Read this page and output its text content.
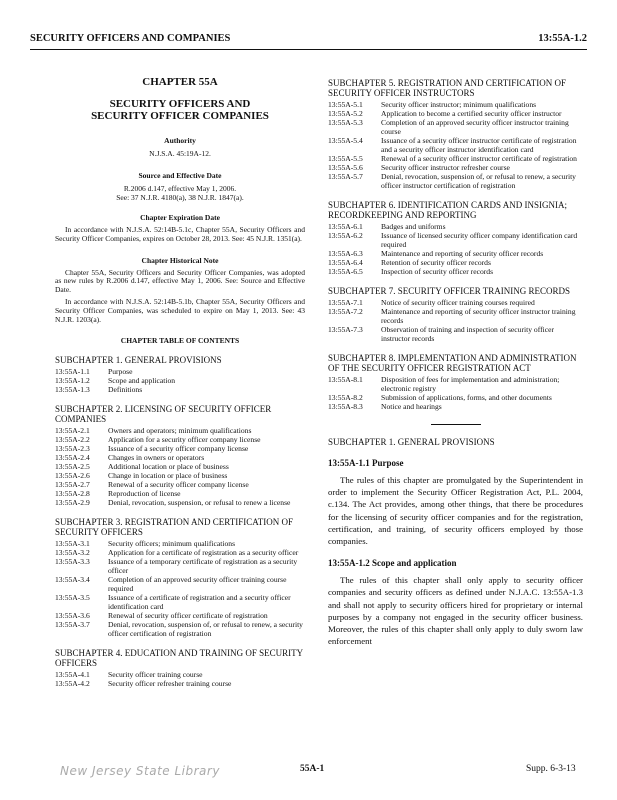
SECURITY OFFICERS AND COMPANIES	13:55A-1.2
CHAPTER 55A
SECURITY OFFICERS AND
SECURITY OFFICER COMPANIES
Authority
N.J.S.A. 45:19A-12.
Source and Effective Date
R.2006 d.147, effective May 1, 2006.
See: 37 N.J.R. 4180(a), 38 N.J.R. 1847(a).
Chapter Expiration Date
In accordance with N.J.S.A. 52:14B-5.1c, Chapter 55A, Security Officers and Security Officer Companies, expires on October 28, 2013. See: 45 N.J.R. 1351(a).
Chapter Historical Note
Chapter 55A, Security Officers and Security Officer Companies, was adopted as new rules by R.2006 d.147, effective May 1, 2006. See: Source and Effective Date.
In accordance with N.J.S.A. 52:14B-5.1b, Chapter 55A, Security Officers and Security Officer Companies, was scheduled to expire on May 1, 2013. See: 43 N.J.R. 1203(a).
CHAPTER TABLE OF CONTENTS
SUBCHAPTER 1. GENERAL PROVISIONS
13:55A-1.1	Purpose
13:55A-1.2	Scope and application
13:55A-1.3	Definitions
SUBCHAPTER 2. LICENSING OF SECURITY OFFICER COMPANIES
13:55A-2.1	Owners and operators; minimum qualifications
13:55A-2.2	Application for a security officer company license
13:55A-2.3	Issuance of a security officer company license
13:55A-2.4	Changes in owners or operators
13:55A-2.5	Additional location or place of business
13:55A-2.6	Change in location or place of business
13:55A-2.7	Renewal of a security officer company license
13:55A-2.8	Reproduction of license
13:55A-2.9	Denial, revocation, suspension, or refusal to renew a license
SUBCHAPTER 3. REGISTRATION AND CERTIFICATION OF SECURITY OFFICERS
13:55A-3.1	Security officers; minimum qualifications
13:55A-3.2	Application for a certificate of registration as a security officer
13:55A-3.3	Issuance of a temporary certificate of registration as a security officer
13:55A-3.4	Completion of an approved security officer training course required
13:55A-3.5	Issuance of a certificate of registration and a security officer identification card
13:55A-3.6	Renewal of security officer certificate of registration
13:55A-3.7	Denial, revocation, suspension of, or refusal to renew, a security officer certification of registration
SUBCHAPTER 4. EDUCATION AND TRAINING OF SECURITY OFFICERS
13:55A-4.1	Security officer training course
13:55A-4.2	Security officer refresher training course
SUBCHAPTER 5. REGISTRATION AND CERTIFICATION OF SECURITY OFFICER INSTRUCTORS
13:55A-5.1	Security officer instructor; minimum qualifications
13:55A-5.2	Application to become a certified security officer instructor
13:55A-5.3	Completion of an approved security officer instructor training course
13:55A-5.4	Issuance of a security officer instructor certificate of registration and a security officer instructor identification card
13:55A-5.5	Renewal of a security officer instructor certificate of registration
13:55A-5.6	Security officer instructor refresher course
13:55A-5.7	Denial, revocation, suspension of, or refusal to renew, a security officer instructor certification of registration
SUBCHAPTER 6. IDENTIFICATION CARDS AND INSIGNIA; RECORDKEEPING AND REPORTING
13:55A-6.1	Badges and uniforms
13:55A-6.2	Issuance of licensed security officer company identification card required
13:55A-6.3	Maintenance and reporting of security officer records
13:55A-6.4	Retention of security officer records
13:55A-6.5	Inspection of security officer records
SUBCHAPTER 7. SECURITY OFFICER TRAINING RECORDS
13:55A-7.1	Notice of security officer training courses required
13:55A-7.2	Maintenance and reporting of security officer instructor training records
13:55A-7.3	Observation of training and inspection of security officer instructor records
SUBCHAPTER 8. IMPLEMENTATION AND ADMINISTRATION OF THE SECURITY OFFICER REGISTRATION ACT
13:55A-8.1	Disposition of fees for implementation and administration; electronic registry
13:55A-8.2	Submission of applications, forms, and other documents
13:55A-8.3	Notice and hearings
SUBCHAPTER 1. GENERAL PROVISIONS
13:55A-1.1 Purpose
The rules of this chapter are promulgated by the Superintendent in order to implement the Security Officer Registration Act, P.L. 2004, c.134. The Act provides, among other things, that there be procedures for the licensing of security officer companies and for the registration, certification, and training, of security officers employed by those companies.
13:55A-1.2 Scope and application
The rules of this chapter shall only apply to security officer companies and security officers as defined under N.J.A.C. 13:55A-1.3 and shall not apply to security officers hired for proprietary or internal purposes by a company not engaged in the security officer business. Moreover, the rules of this chapter shall only apply to duly sworn law enforcement
New Jersey State Library	55A-1	Supp. 6-3-13
